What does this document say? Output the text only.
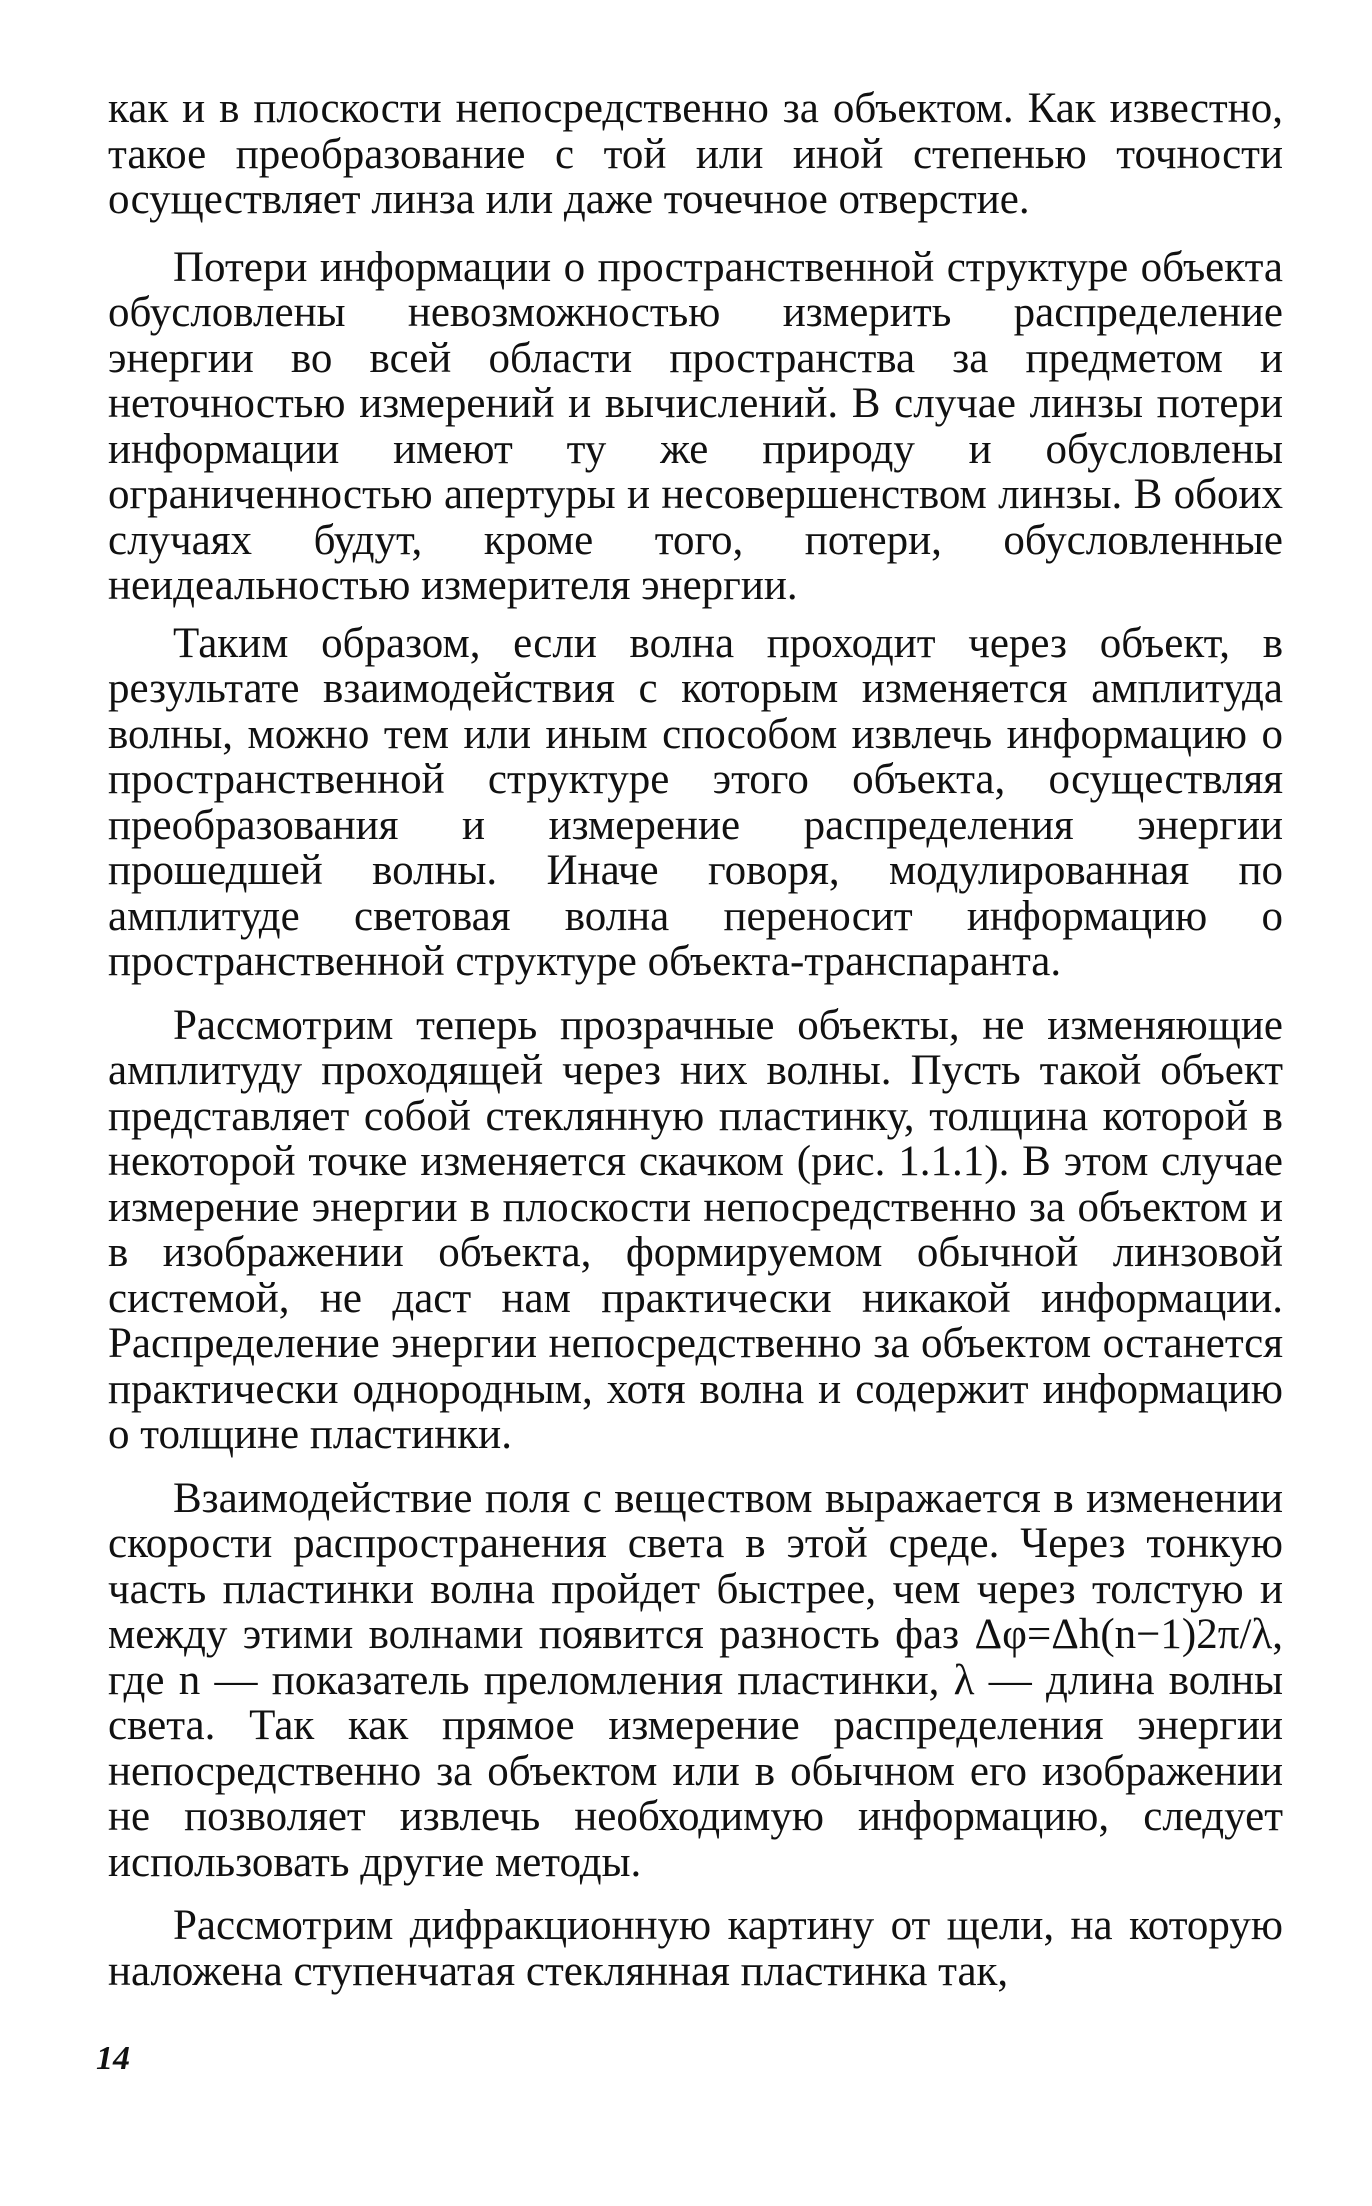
как и в плоскости непосредственно за объектом. Как известно, такое преобразование с той или иной степенью точности осуществляет линза или даже точечное отверстие.

Потери информации о пространственной структуре объекта обусловлены невозможностью измерить распределение энергии во всей области пространства за предметом и неточностью измерений и вычислений. В случае линзы потери информации имеют ту же природу и обусловлены ограниченностью апертуры и несовершенством линзы. В обоих случаях будут, кроме того, потери, обусловленные неидеальностью измерителя энергии.

Таким образом, если волна проходит через объект, в результате взаимодействия с которым изменяется амплитуда волны, можно тем или иным способом извлечь информацию о пространственной структуре этого объекта, осуществляя преобразования и измерение распределения энергии прошедшей волны. Иначе говоря, модулированная по амплитуде световая волна переносит информацию о пространственной структуре объекта-транспаранта.

Рассмотрим теперь прозрачные объекты, не изменяющие амплитуду проходящей через них волны. Пусть такой объект представляет собой стеклянную пластинку, толщина которой в некоторой точке изменяется скачком (рис. 1.1.1). В этом случае измерение энергии в плоскости непосредственно за объектом и в изображении объекта, формируемом обычной линзовой системой, не даст нам практически никакой информации. Распределение энергии непосредственно за объектом останется практически однородным, хотя волна и содержит информацию о толщине пластинки.

Взаимодействие поля с веществом выражается в изменении скорости распространения света в этой среде. Через тонкую часть пластинки волна пройдет быстрее, чем через толстую и между этими волнами появится разность фаз Δφ=Δh(n−1)2π/λ, где n — показатель преломления пластинки, λ — длина волны света. Так как прямое измерение распределения энергии непосредственно за объектом или в обычном его изображении не позволяет извлечь необходимую информацию, следует использовать другие методы.

Рассмотрим дифракционную картину от щели, на которую наложена ступенчатая стеклянная пластинка так,

14
